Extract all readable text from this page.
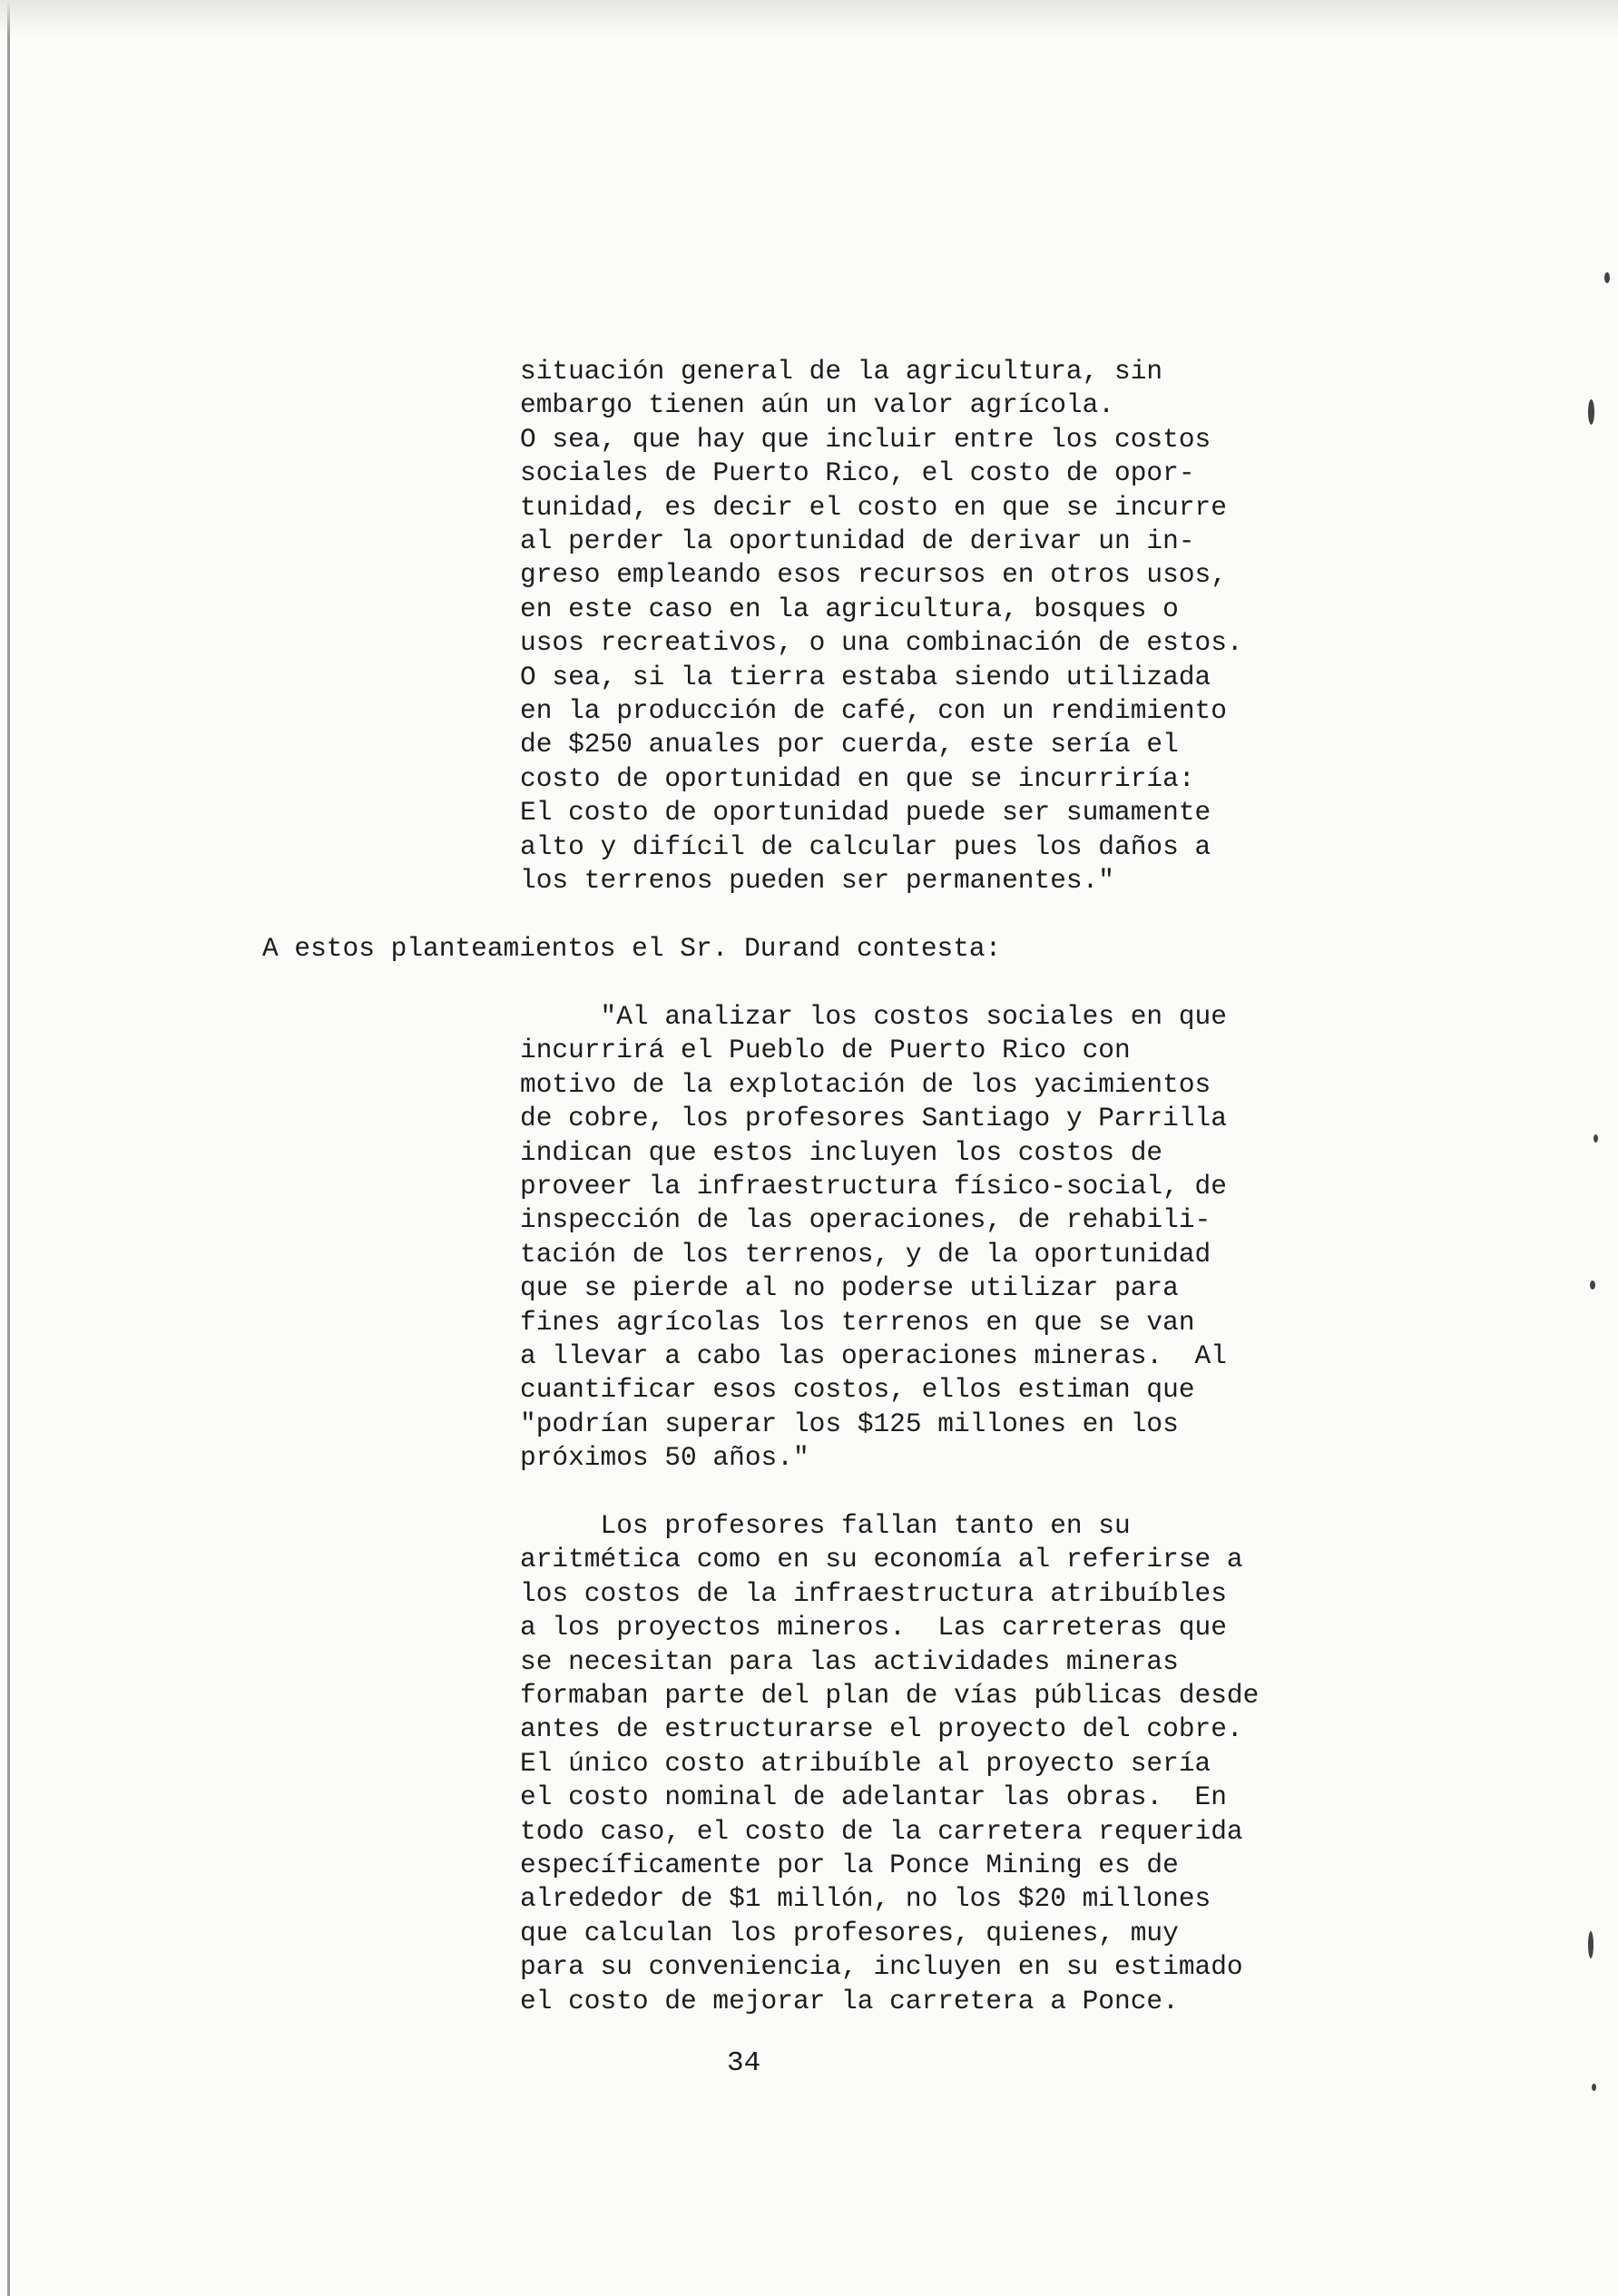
situación general de la agricultura, sin
embargo tienen aún un valor agrícola.
O sea, que hay que incluir entre los costos
sociales de Puerto Rico, el costo de opor-
tunidad, es decir el costo en que se incurre
al perder la oportunidad de derivar un in-
greso empleando esos recursos en otros usos,
en este caso en la agricultura, bosques o
usos recreativos, o una combinación de estos.
O sea, si la tierra estaba siendo utilizada
en la producción de café, con un rendimiento
de $250 anuales por cuerda, este sería el
costo de oportunidad en que se incurriría:
El costo de oportunidad puede ser sumamente
alto y difícil de calcular pues los daños a
los terrenos pueden ser permanentes."
A estos planteamientos el Sr. Durand contesta:
"Al analizar los costos sociales en que
incurrirá el Pueblo de Puerto Rico con
motivo de la explotación de los yacimientos
de cobre, los profesores Santiago y Parrilla
indican que estos incluyen los costos de
proveer la infraestructura físico-social, de
inspección de las operaciones, de rehabili-
tación de los terrenos, y de la oportunidad
que se pierde al no poderse utilizar para
fines agrícolas los terrenos en que se van
a llevar a cabo las operaciones mineras.  Al
cuantificar esos costos, ellos estiman que
"podrían superar los $125 millones en los
próximos 50 años."
Los profesores fallan tanto en su
aritmética como en su economía al referirse a
los costos de la infraestructura atribuíbles
a los proyectos mineros.  Las carreteras que
se necesitan para las actividades mineras
formaban parte del plan de vías públicas desde
antes de estructurarse el proyecto del cobre.
El único costo atribuíble al proyecto sería
el costo nominal de adelantar las obras.  En
todo caso, el costo de la carretera requerida
específicamente por la Ponce Mining es de
alrededor de $1 millón, no los $20 millones
que calculan los profesores, quienes, muy
para su conveniencia, incluyen en su estimado
el costo de mejorar la carretera a Ponce.
34
